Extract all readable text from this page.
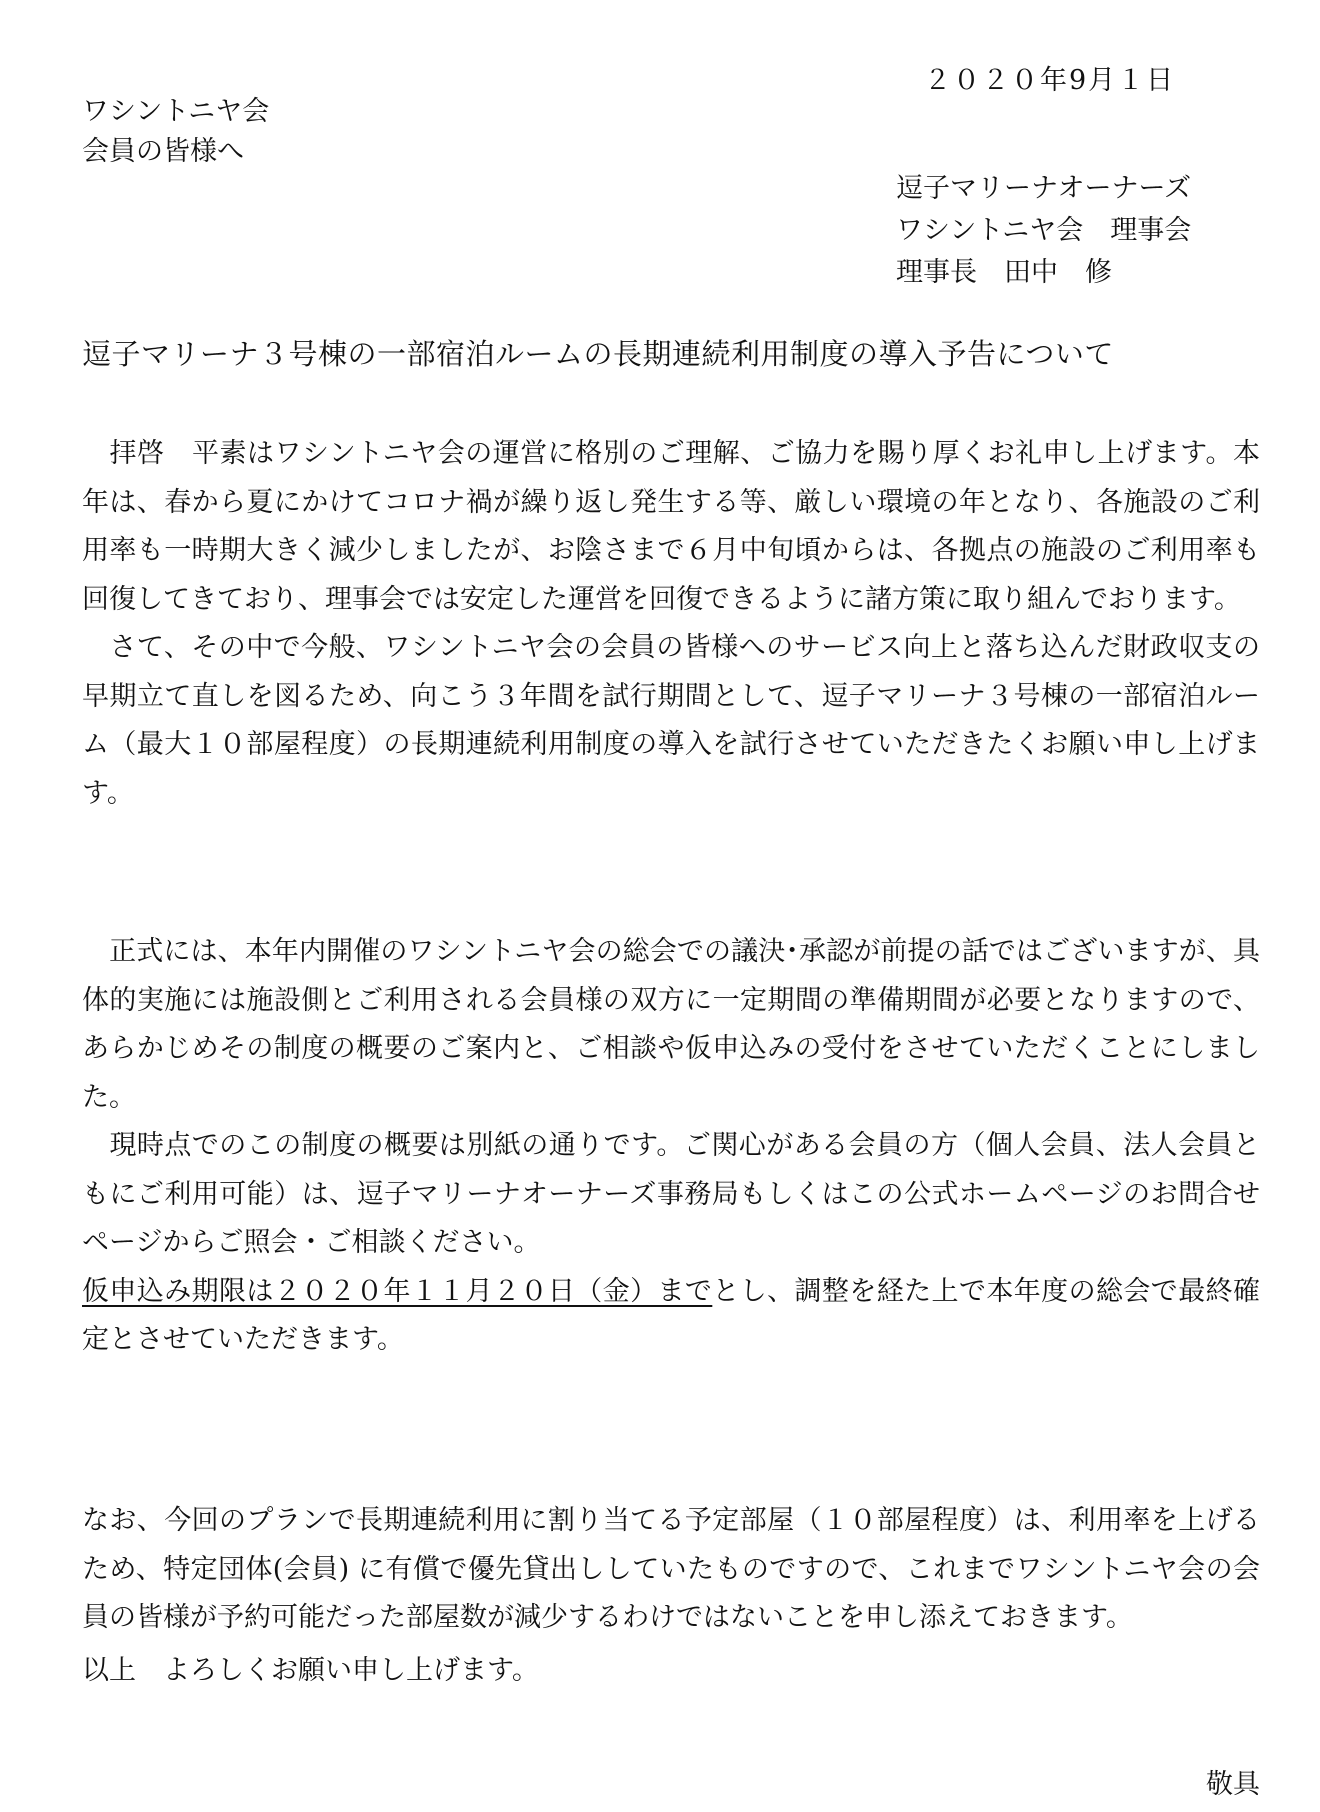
２０２０年9月１日
ワシントニヤ会
会員の皆様へ
逗子マリーナオーナーズ
ワシントニヤ会　理事会
理事長　田中　修
逗子マリーナ３号棟の一部宿泊ルームの長期連続利用制度の導入予告について

　拝啓　平素はワシントニヤ会の運営に格別のご理解、ご協力を賜り厚くお礼申し上げます。本年は、春から夏にかけてコロナ禍が繰り返し発生する等、厳しい環境の年となり、各施設のご利用率も一時期大きく減少しましたが、お陰さまで６月中旬頃からは、各拠点の施設のご利用率も回復してきており、理事会では安定した運営を回復できるように諸方策に取り組んでおります。

　さて、その中で今般、ワシントニヤ会の会員の皆様へのサービス向上と落ち込んだ財政収支の早期立て直しを図るため、向こう３年間を試行期間として、逗子マリーナ３号棟の一部宿泊ルーム（最大１０部屋程度）の長期連続利用制度の導入を試行させていただきたくお願い申し上げます。

　正式には、本年内開催のワシントニヤ会の総会での議決･承認が前提の話ではございますが、具体的実施には施設側とご利用される会員様の双方に一定期間の準備期間が必要となりますので、あらかじめその制度の概要のご案内と、ご相談や仮申込みの受付をさせていただくことにしました。

　現時点でのこの制度の概要は別紙の通りです。ご関心がある会員の方（個人会員、法人会員ともにご利用可能）は、逗子マリーナオーナーズ事務局もしくはこの公式ホームページのお問合せページからご照会・ご相談ください。

仮申込み期限は２０２０年１１月２０日（金）までとし、調整を経た上で本年度の総会で最終確定とさせていただきます。

なお、今回のプランで長期連続利用に割り当てる予定部屋（１０部屋程度）は、利用率を上げるため、特定団体(会員) に有償で優先貸出ししていたものですので、これまでワシントニヤ会の会員の皆様が予約可能だった部屋数が減少するわけではないことを申し添えておきます。

以上　よろしくお願い申し上げます。
敬具
